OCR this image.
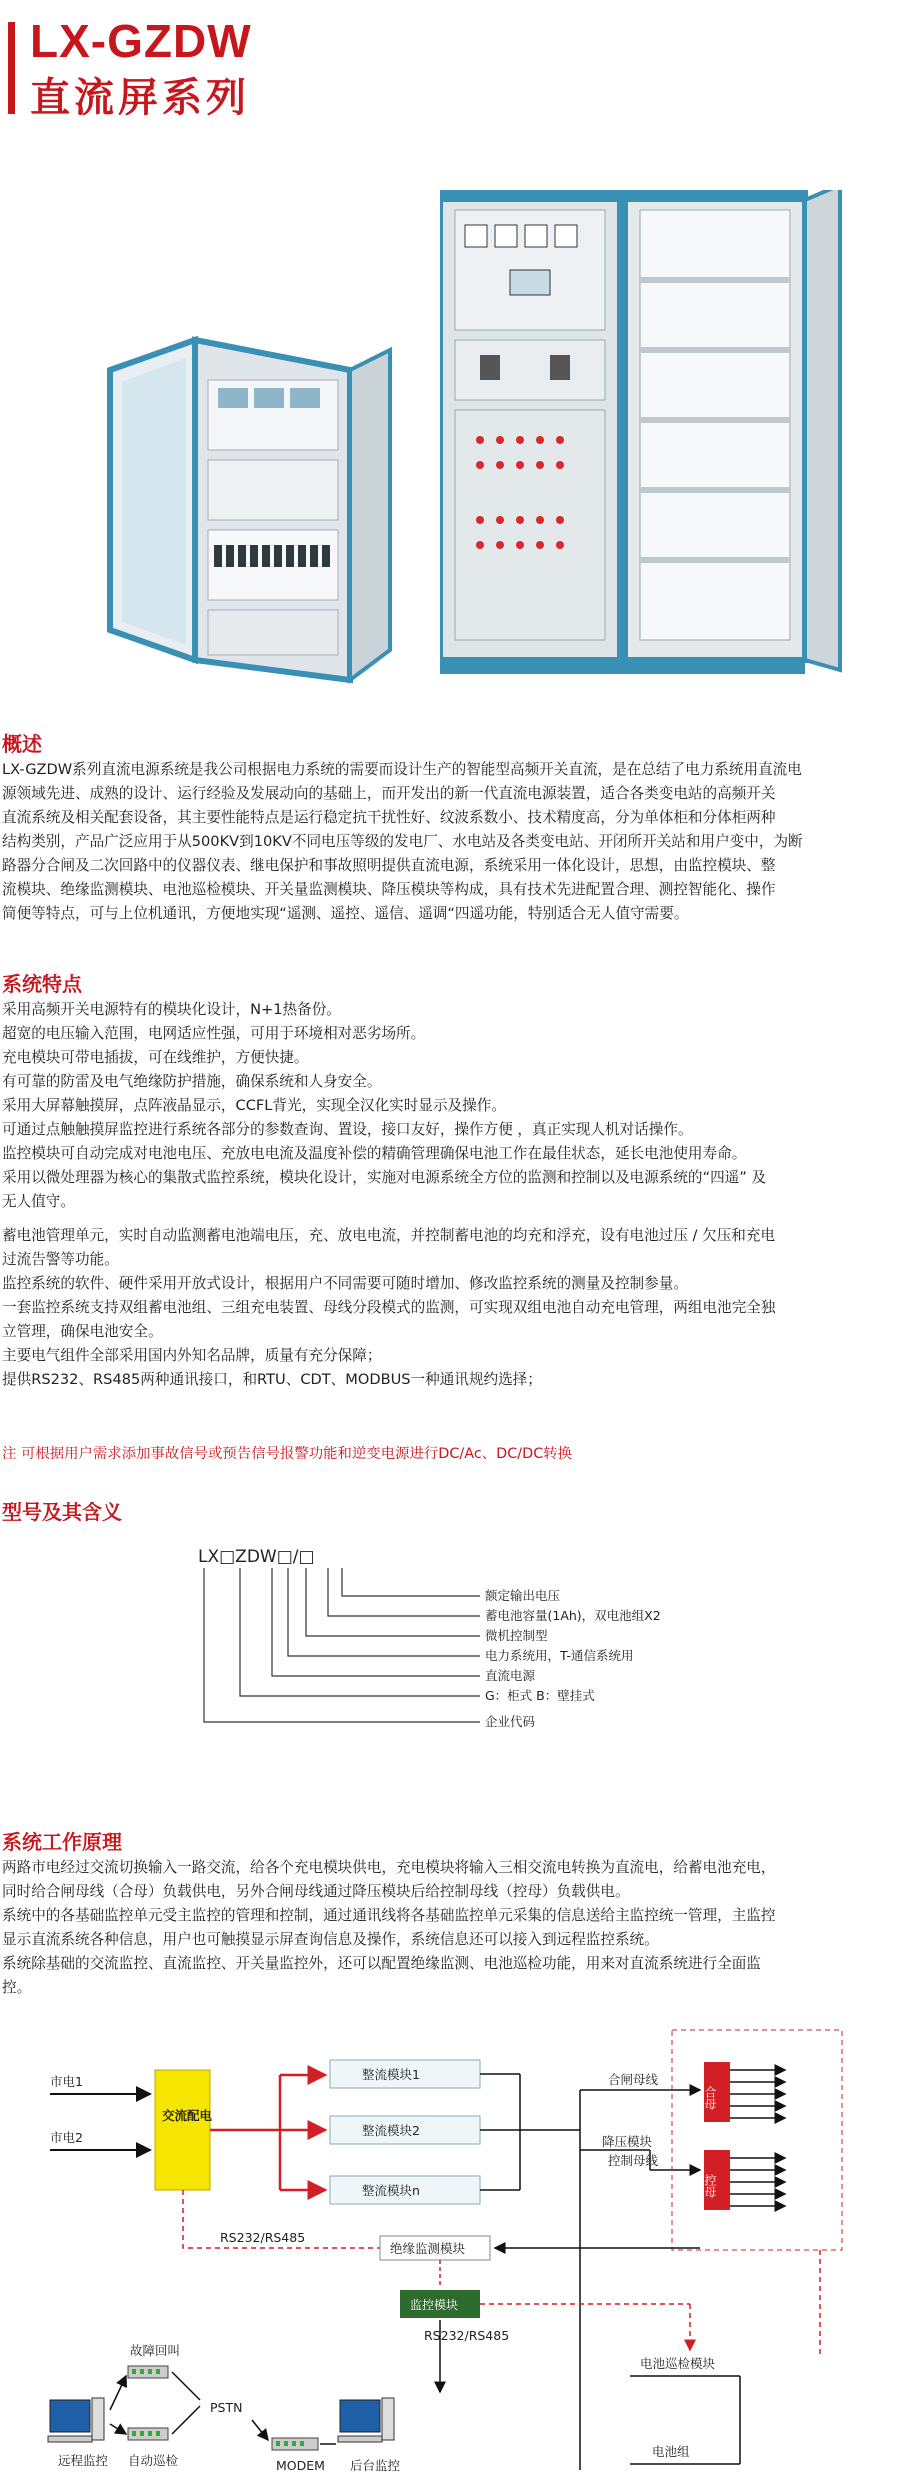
LX-GZDW
直流屏系列
概述

LX-GZDW系列直流电源系统是我公司根据电力系统的需要而设计生产的智能型高频开关直流，是在总结了电力系统用直流电

源领域先进、成熟的设计、运行经验及发展动向的基础上，而开发出的新一代直流电源装置，适合各类变电站的高频开关

直流系统及相关配套设备，其主要性能特点是运行稳定抗干扰性好、纹波系数小、技术精度高，分为单体柜和分体柜两种

结构类别，产品广泛应用于从500KV到10KV不同电压等级的发电厂、水电站及各类变电站、开闭所开关站和用户变中，为断

路器分合闸及二次回路中的仪器仪表、继电保护和事故照明提供直流电源，系统采用一体化设计，思想，由监控模块、整

流模块、绝缘监测模块、电池巡检模块、开关量监测模块、降压模块等构成，具有技术先进配置合理、测控智能化、操作

简便等特点，可与上位机通讯，方便地实现“遥测、遥控、遥信、遥调“四遥功能，特别适合无人值守需要。

系统特点

采用高频开关电源特有的模块化设计，N+1热备份。

超宽的电压输入范围，电网适应性强，可用于环境相对恶劣场所。

充电模块可带电插拔，可在线维护，方便快捷。

有可靠的防雷及电气绝缘防护措施，确保系统和人身安全。

采用大屏幕触摸屏，点阵液晶显示，CCFL背光，实现全汉化实时显示及操作。

可通过点触触摸屏监控进行系统各部分的参数查询、置设，接口友好，操作方便 ，真正实现人机对话操作。

监控模块可自动完成对电池电压、充放电电流及温度补偿的精确管理确保电池工作在最佳状态，延长电池使用寿命。

采用以微处理器为核心的集散式监控系统，模块化设计，实施对电源系统全方位的监测和控制以及电源系统的“四遥” 及

无人值守。

蓄电池管理单元，实时自动监测蓄电池端电压，充、放电电流，并控制蓄电池的均充和浮充，设有电池过压 / 欠压和充电

过流告警等功能。

监控系统的软件、硬件采用开放式设计，根据用户不同需要可随时增加、修改监控系统的测量及控制参量。

一套监控系统支持双组蓄电池组、三组充电装置、母线分段模式的监测，可实现双组电池自动充电管理，两组电池完全独

立管理，确保电池安全。

主要电气组件全部采用国内外知名品牌，质量有充分保障；

提供RS232、RS485两种通讯接口，和RTU、CDT、MODBUS一种通讯规约选择；

注 可根据用户需求添加事故信号或预告信号报警功能和逆变电源进行DC/Ac、DC/DC转换
型号及其含义
LX□ZDW□/□
额定输出电压
蓄电池容量(1Ah)，双电池组X2
微机控制型
电力系统用，T-通信系统用
直流电源
G：柜式 B：壁挂式
企业代码
系统工作原理

两路市电经过交流切换输入一路交流，给各个充电模块供电，充电模块将输入三相交流电转换为直流电，给蓄电池充电，

同时给合闸母线（合母）负载供电，另外合闸母线通过降压模块后给控制母线（控母）负载供电。

系统中的各基础监控单元受主监控的管理和控制，通过通讯线将各基础监控单元采集的信息送给主监控统一管理，主监控

显示直流系统各种信息，用户也可触摸显示屏查询信息及操作，系统信息还可以接入到远程监控系统。

系统除基础的交流监控、直流监控、开关量监控外，还可以配置绝缘监测、电池巡检功能，用来对直流系统进行全面监

控。

市电1
市电2
交流配电
整流模块1
整流模块2
整流模块n
合闸母线
降压模块
控制母线
合母
控母
RS232/RS485
绝缘监测模块
监控模块
RS232/RS485
电池巡检模块
电池组
远程监控
故障回叫
自动巡检
PSTN
MODEM 后台监控
